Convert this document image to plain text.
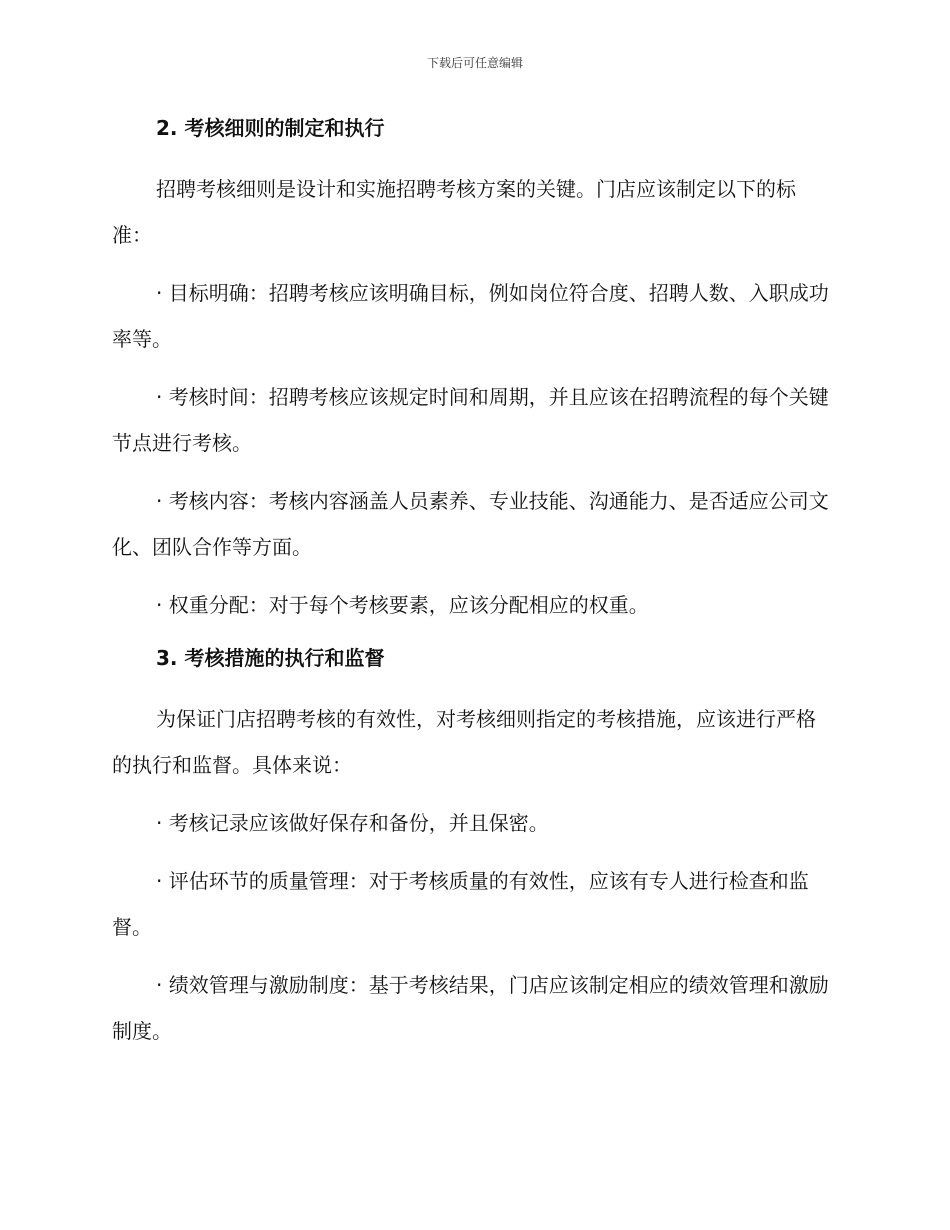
下载后可任意编辑
2. 考核细则的制定和执行

招聘考核细则是设计和实施招聘考核方案的关键。门店应该制定以下的标准：

· 目标明确：招聘考核应该明确目标，例如岗位符合度、招聘人数、入职成功率等。

· 考核时间：招聘考核应该规定时间和周期，并且应该在招聘流程的每个关键节点进行考核。

· 考核内容：考核内容涵盖人员素养、专业技能、沟通能力、是否适应公司文化、团队合作等方面。

· 权重分配：对于每个考核要素，应该分配相应的权重。

3. 考核措施的执行和监督

为保证门店招聘考核的有效性，对考核细则指定的考核措施，应该进行严格的执行和监督。具体来说：

· 考核记录应该做好保存和备份，并且保密。

· 评估环节的质量管理：对于考核质量的有效性，应该有专人进行检查和监督。

· 绩效管理与激励制度：基于考核结果，门店应该制定相应的绩效管理和激励制度。
